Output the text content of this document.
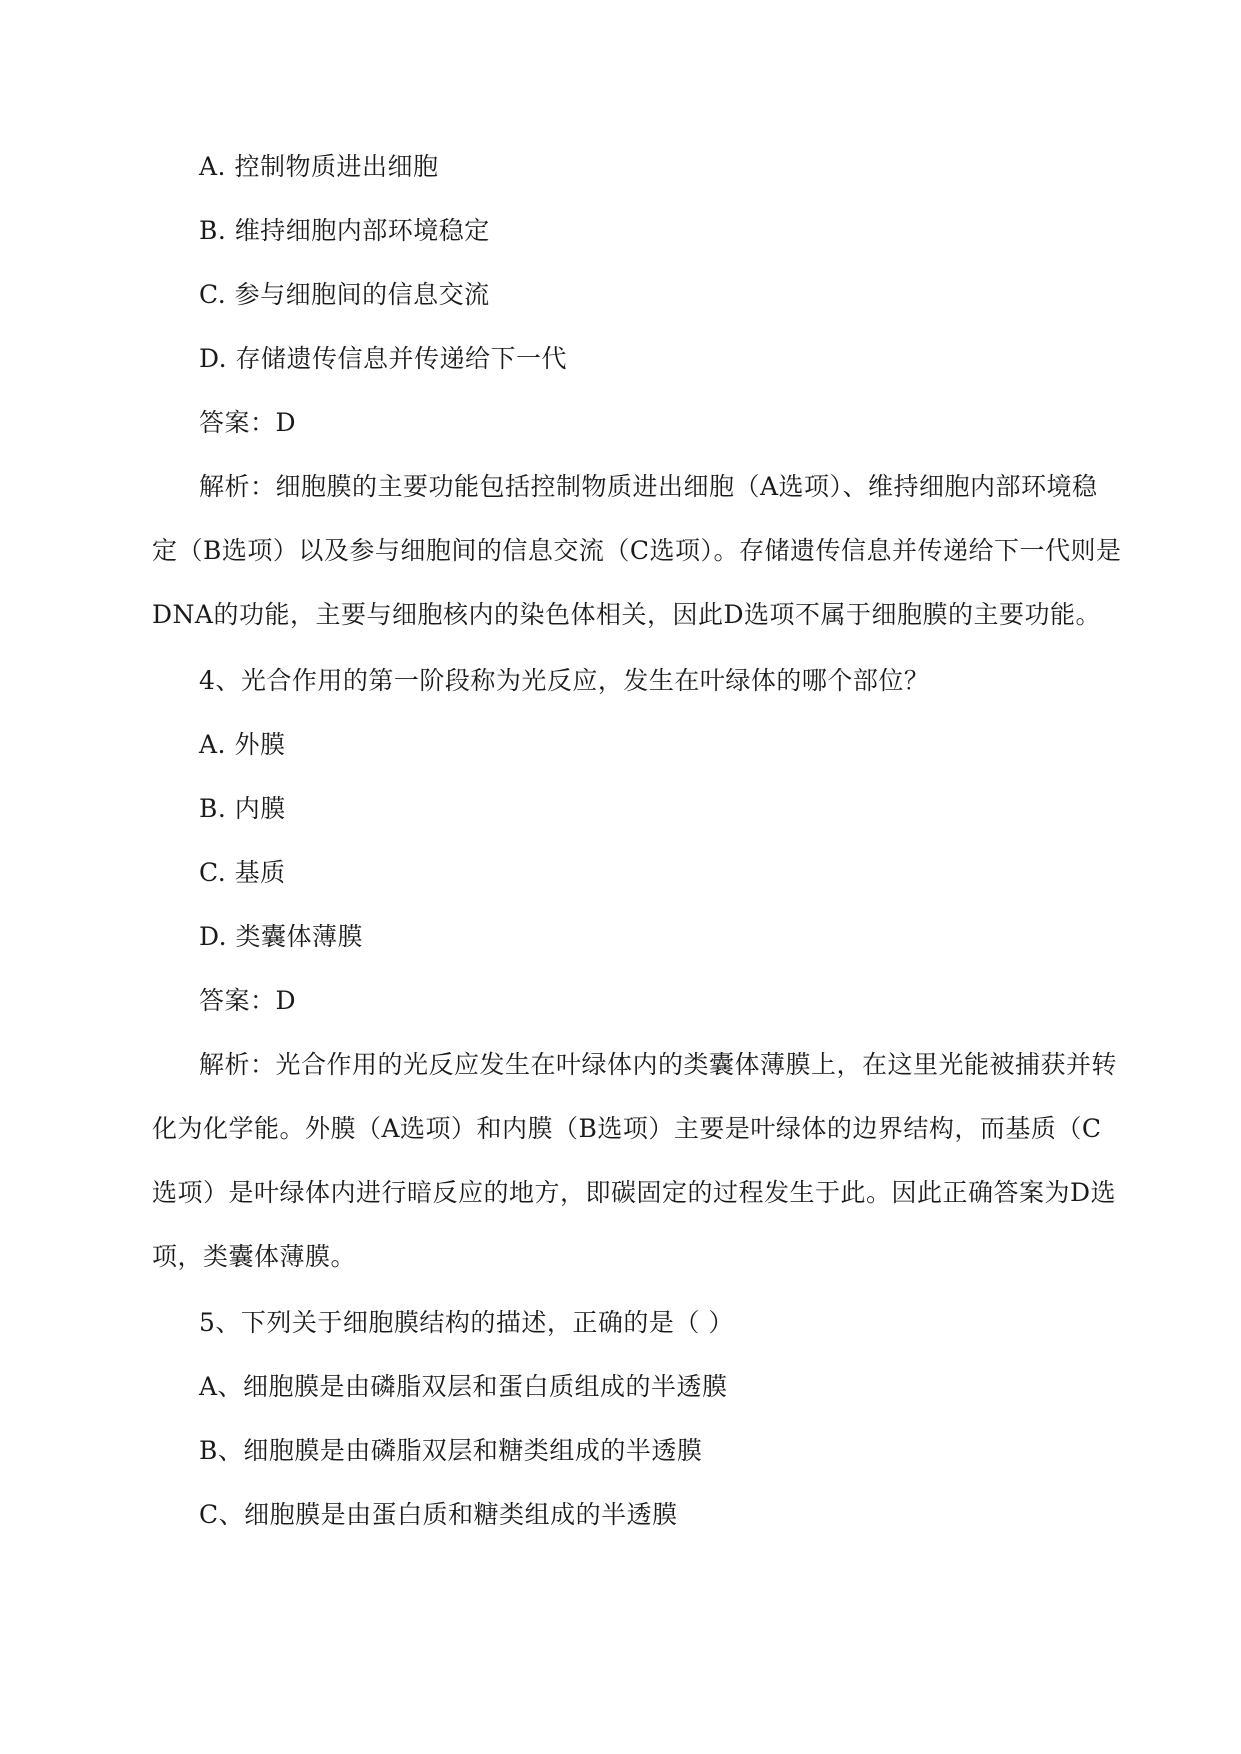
A. 控制物质进出细胞
B. 维持细胞内部环境稳定
C. 参与细胞间的信息交流
D. 存储遗传信息并传递给下一代
答案：D
解析：细胞膜的主要功能包括控制物质进出细胞（A选项）、维持细胞内部环境稳
定（B选项）以及参与细胞间的信息交流（C选项）。存储遗传信息并传递给下一代则是
DNA的功能，主要与细胞核内的染色体相关，因此D选项不属于细胞膜的主要功能。
4、光合作用的第一阶段称为光反应，发生在叶绿体的哪个部位？
A. 外膜
B. 内膜
C. 基质
D. 类囊体薄膜
答案：D
解析：光合作用的光反应发生在叶绿体内的类囊体薄膜上，在这里光能被捕获并转
化为化学能。外膜（A选项）和内膜（B选项）主要是叶绿体的边界结构，而基质（C
选项）是叶绿体内进行暗反应的地方，即碳固定的过程发生于此。因此正确答案为D选
项，类囊体薄膜。
5、下列关于细胞膜结构的描述，正确的是（ ）
A、细胞膜是由磷脂双层和蛋白质组成的半透膜
B、细胞膜是由磷脂双层和糖类组成的半透膜
C、细胞膜是由蛋白质和糖类组成的半透膜
